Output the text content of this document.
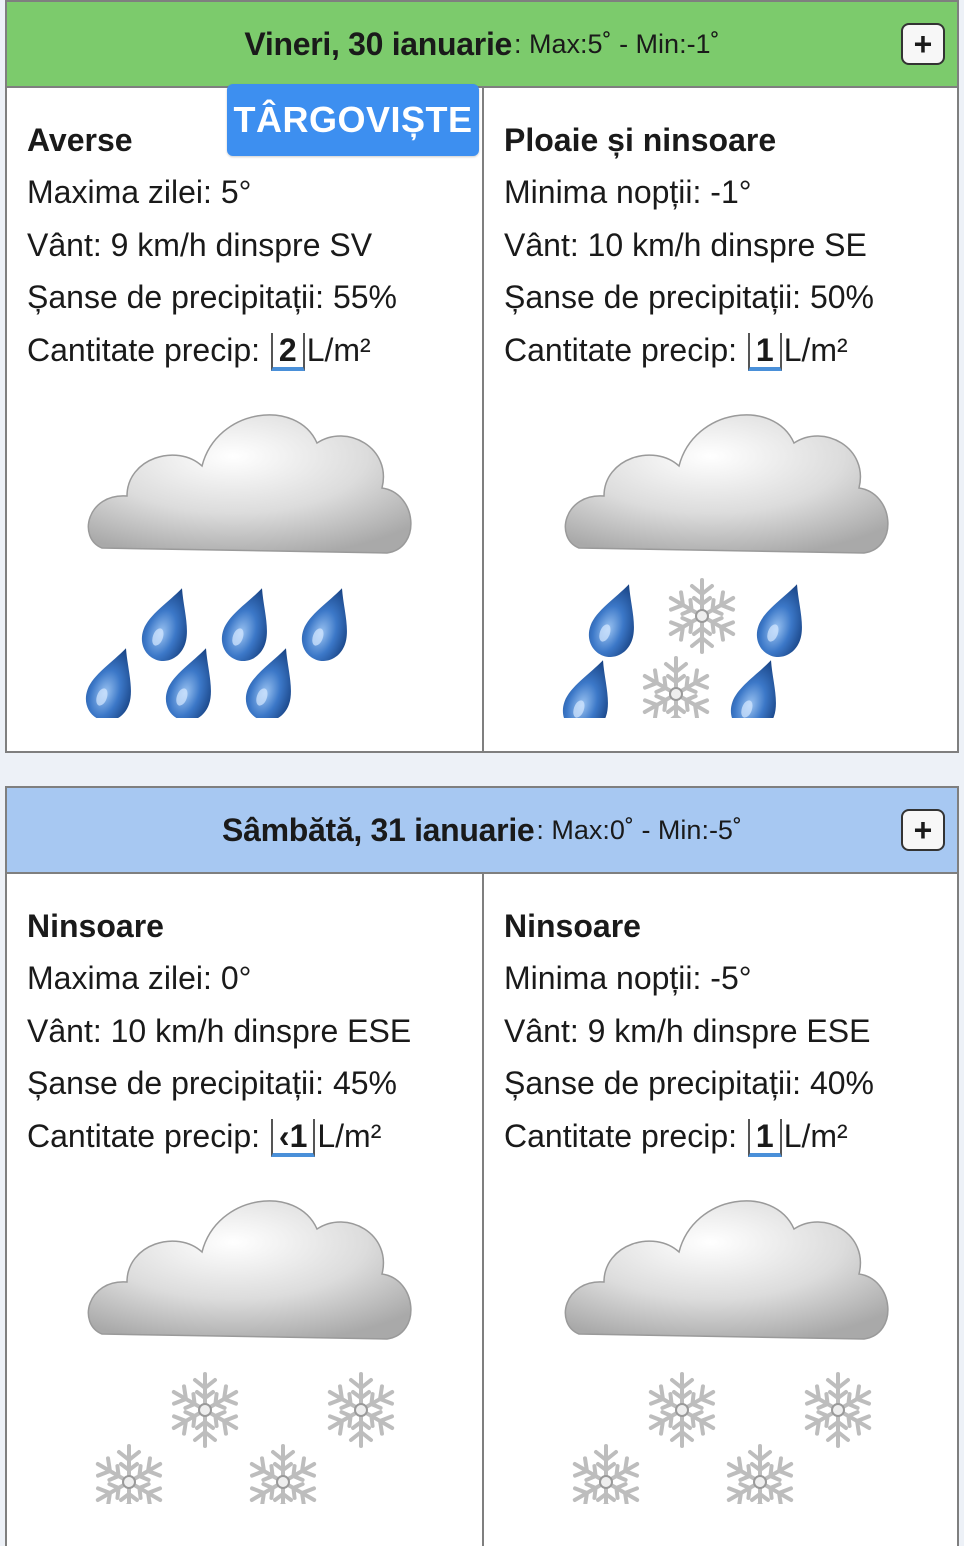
Vineri, 30 ianuarie : Max:5˚ - Min:-1˚	+
Averse
Maxima zilei: 5°
Vânt: 9 km/h dinspre SV
Șanse de precipitații: 55%
Cantitate precip: 2 L/m²
Ploaie și ninsoare
Minima nopții: -1°
Vânt: 10 km/h dinspre SE
Șanse de precipitații: 50%
Cantitate precip: 1 L/m²
TÂRGOVIȘTE
Sâmbătă, 31 ianuarie : Max:0˚ - Min:-5˚	+
Ninsoare
Maxima zilei: 0°
Vânt: 10 km/h dinspre ESE
Șanse de precipitații: 45%
Cantitate precip: ‹1 L/m²
Ninsoare
Minima nopții: -5°
Vânt: 9 km/h dinspre ESE
Șanse de precipitații: 40%
Cantitate precip: 1 L/m²
